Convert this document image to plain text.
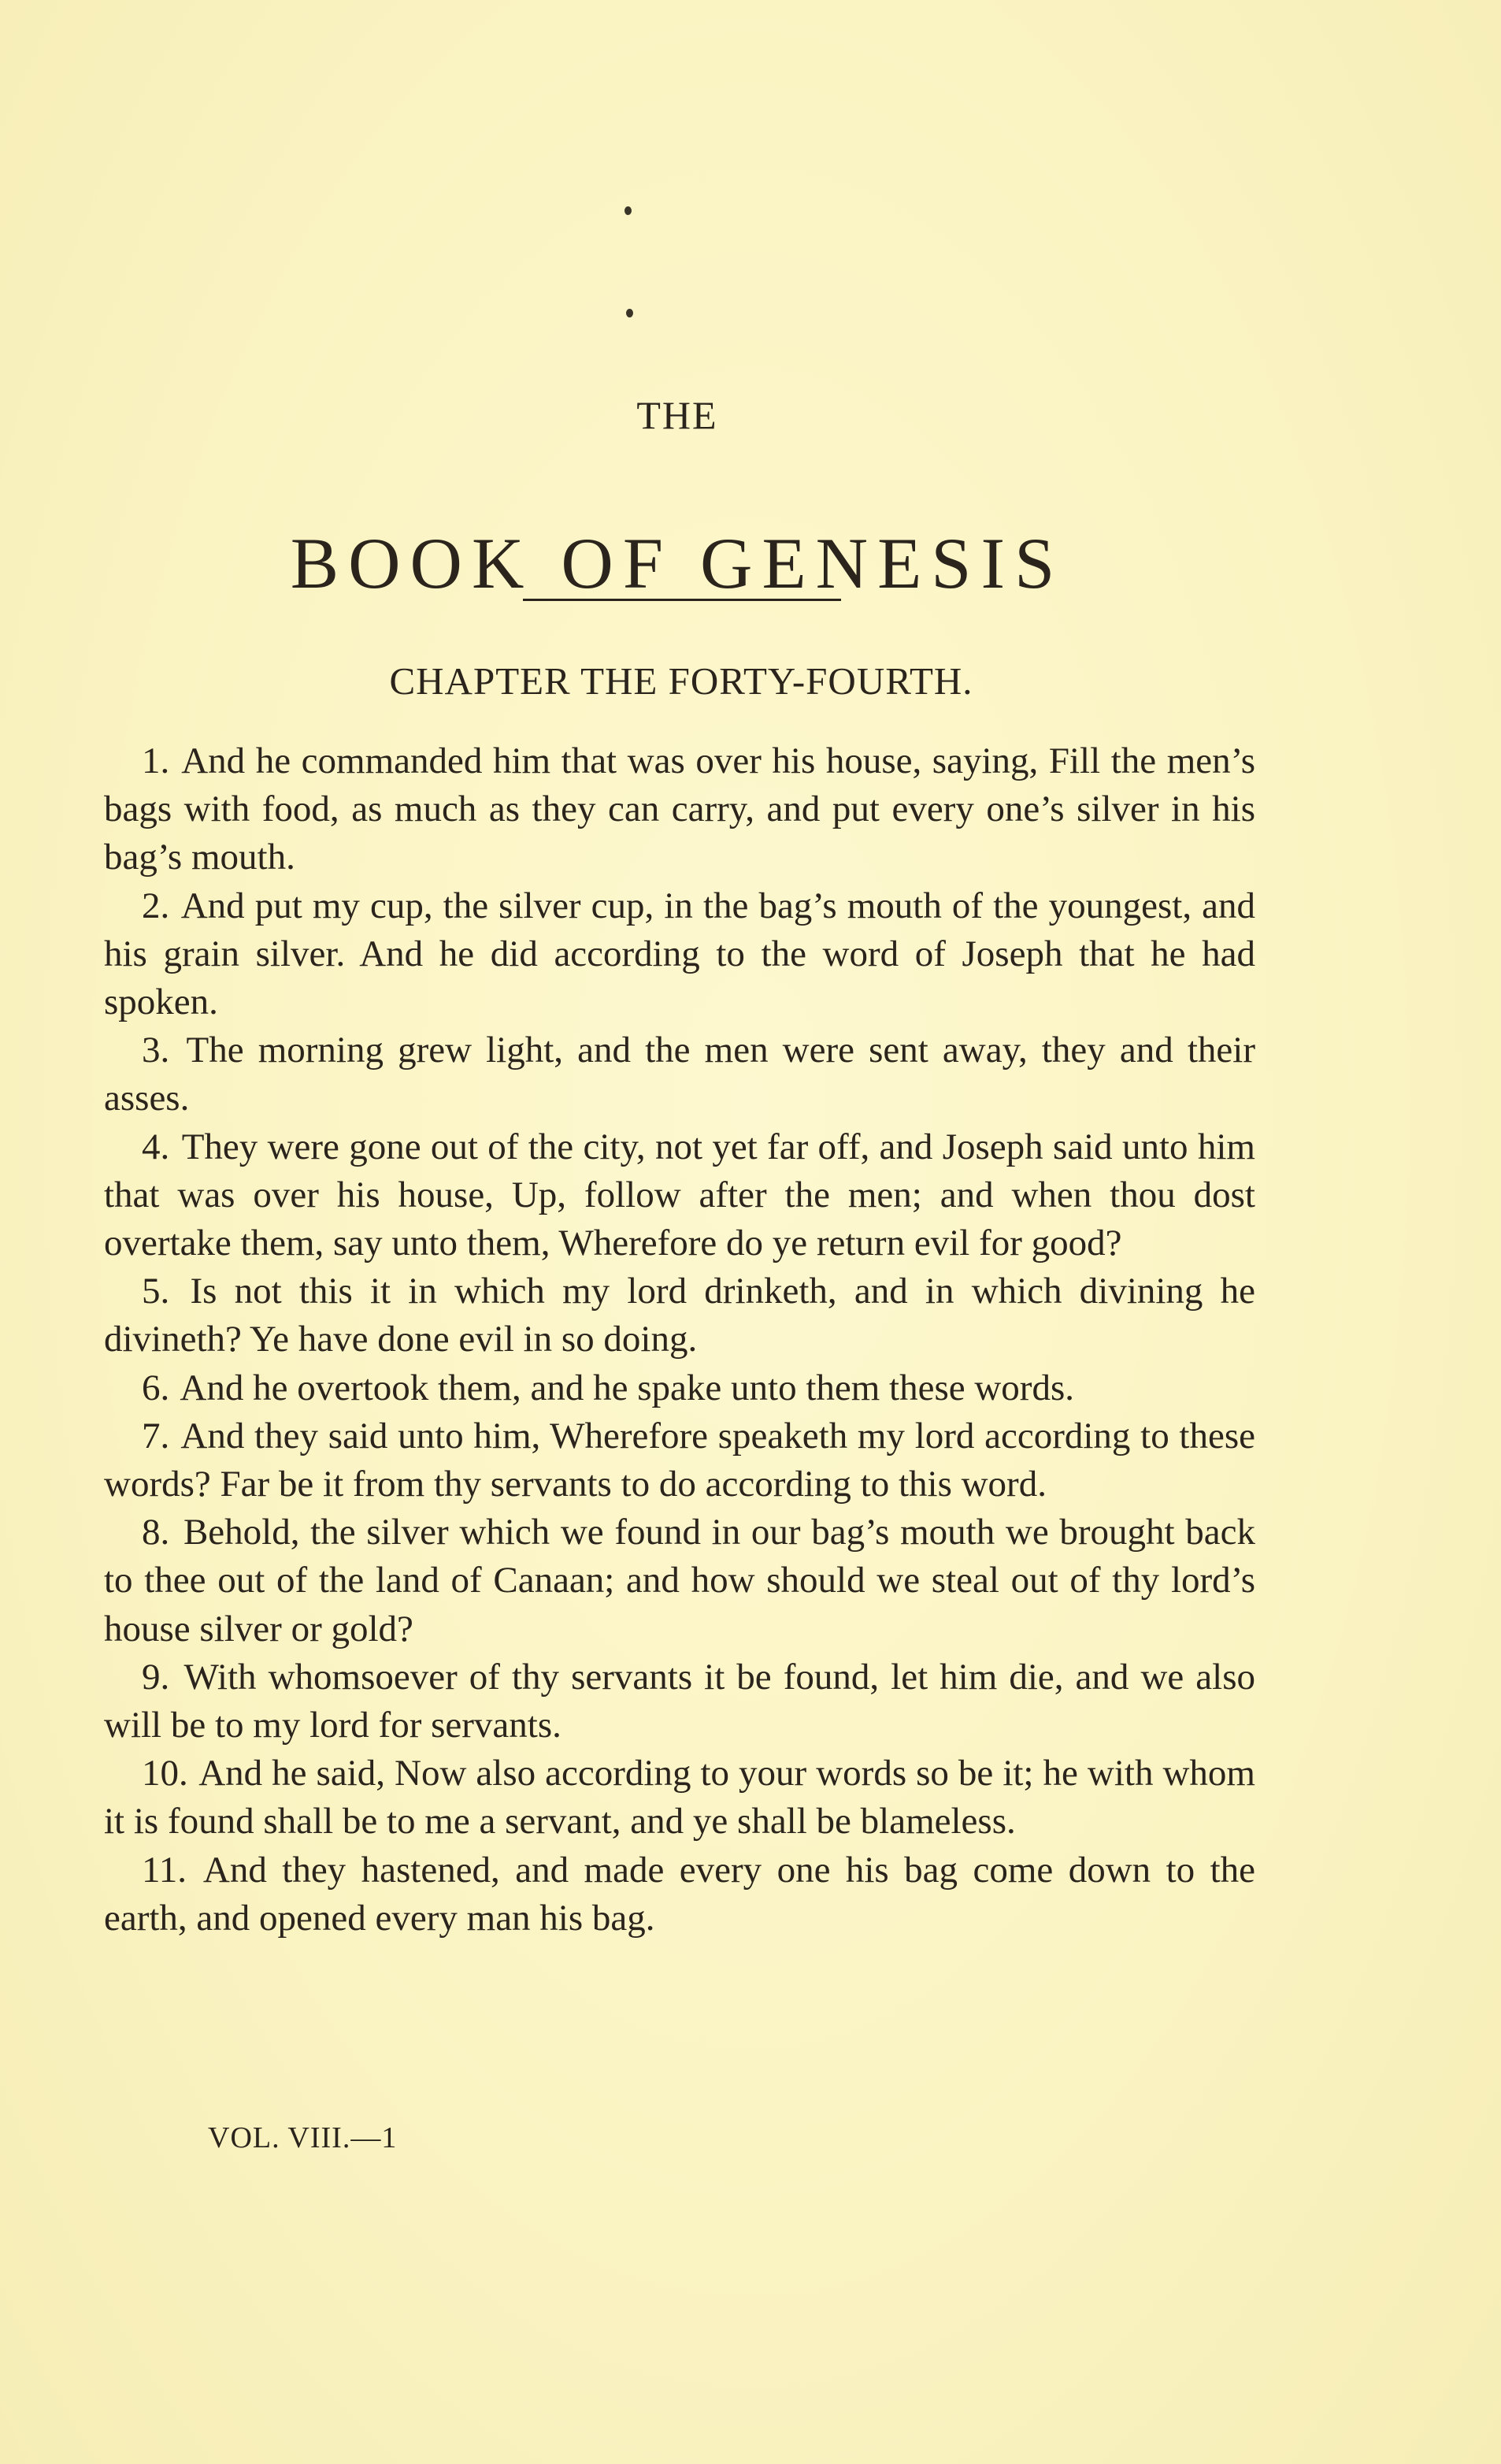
THE
BOOK OF GENESIS
CHAPTER THE FORTY-FOURTH.

1. And he commanded him that was over his house, saying, Fill the men’s bags with food, as much as they can carry, and put every one’s silver in his bag’s mouth.

2. And put my cup, the silver cup, in the bag’s mouth of the youngest, and his grain silver. And he did according to the word of Joseph that he had spoken.

3. The morning grew light, and the men were sent away, they and their asses.

4. They were gone out of the city, not yet far off, and Joseph said unto him that was over his house, Up, follow after the men; and when thou dost overtake them, say unto them, Wherefore do ye return evil for good?

5. Is not this it in which my lord drinketh, and in which divining he divineth? Ye have done evil in so doing.

6. And he overtook them, and he spake unto them these words.

7. And they said unto him, Wherefore speaketh my lord according to these words? Far be it from thy servants to do according to this word.

8. Behold, the silver which we found in our bag’s mouth we brought back to thee out of the land of Canaan; and how should we steal out of thy lord’s house silver or gold?

9. With whomsoever of thy servants it be found, let him die, and we also will be to my lord for servants.

10. And he said, Now also according to your words so be it; he with whom it is found shall be to me a servant, and ye shall be blameless.

11. And they hastened, and made every one his bag come down to the earth, and opened every man his bag.

VOL. VIII.—1
